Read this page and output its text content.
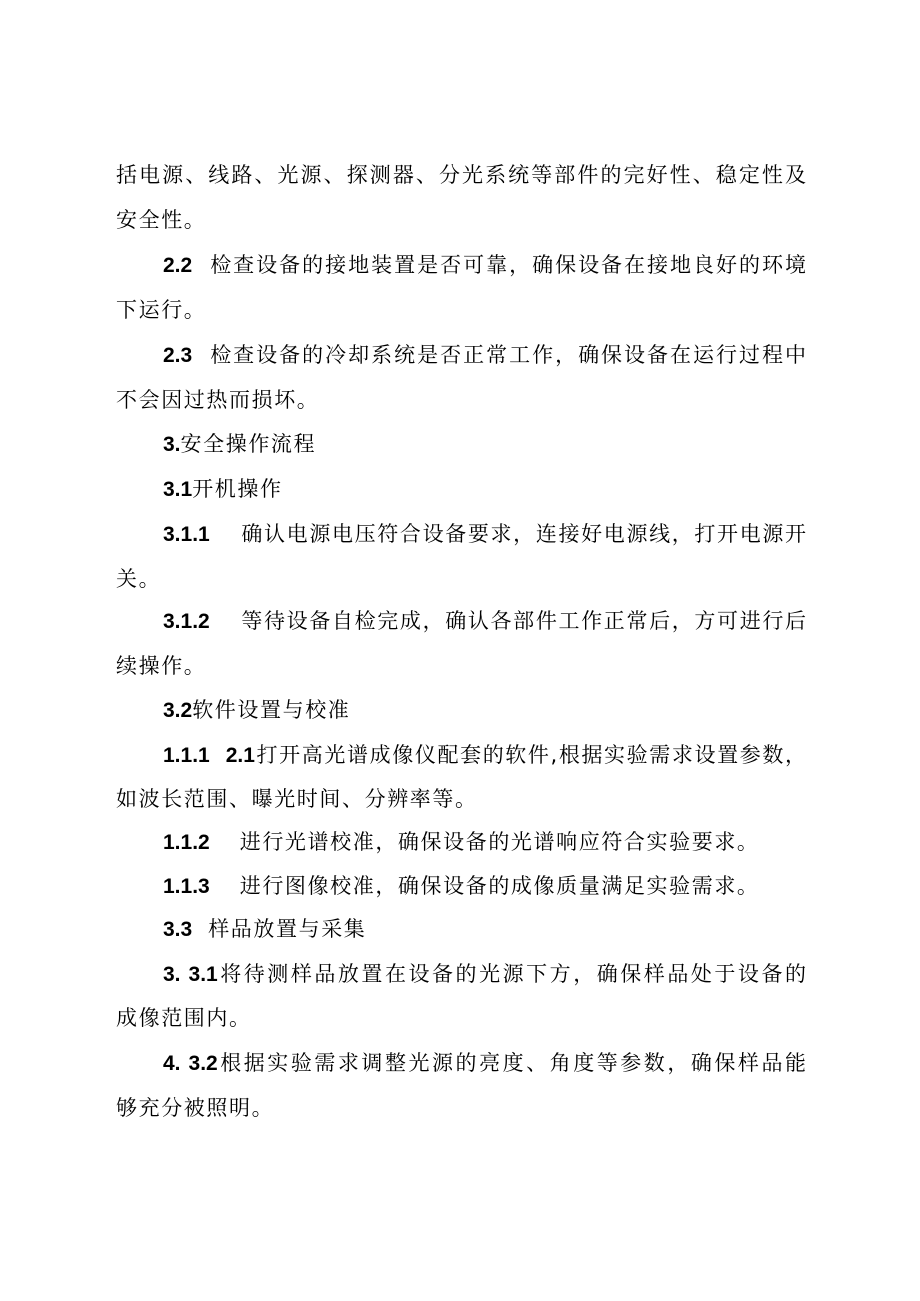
括电源、线路、光源、探测器、分光系统等部件的完好性、稳定性及
安全性。
2.2 检查设备的接地装置是否可靠，确保设备在接地良好的环境
下运行。
2.3 检查设备的冷却系统是否正常工作，确保设备在运行过程中
不会因过热而损坏。
3.安全操作流程
3.1开机操作
3.1.1 确认电源电压符合设备要求，连接好电源线，打开电源开
关。
3.1.2 等待设备自检完成，确认各部件工作正常后，方可进行后
续操作。
3.2软件设置与校准
1.1.1 2.1打开高光谱成像仪配套的软件,根据实验需求设置参数，
如波长范围、曝光时间、分辨率等。
1.1.2 进行光谱校准，确保设备的光谱响应符合实验要求。
1.1.3 进行图像校准，确保设备的成像质量满足实验需求。
3.3 样品放置与采集
3. 3.1将待测样品放置在设备的光源下方，确保样品处于设备的
成像范围内。
4. 3.2根据实验需求调整光源的亮度、角度等参数，确保样品能
够充分被照明。
